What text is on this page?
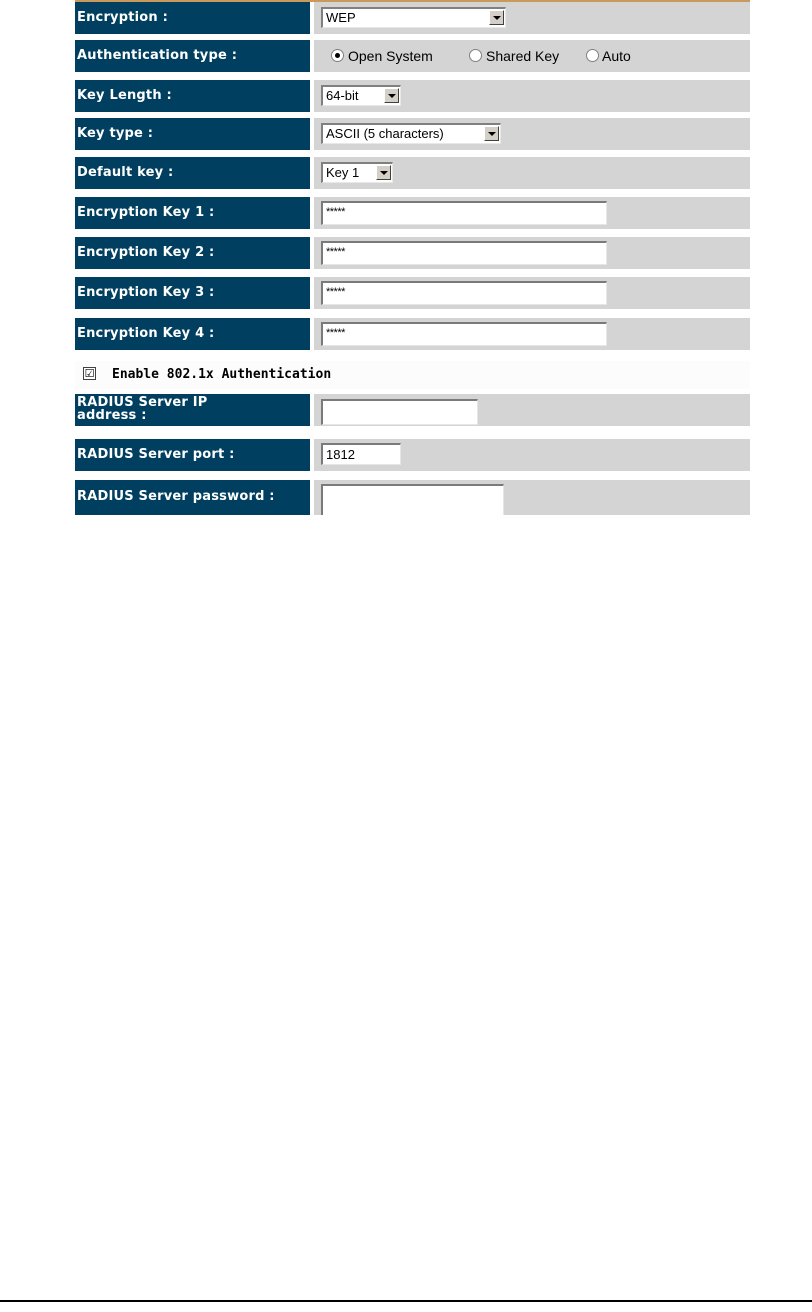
Encryption :	WEP
Authentication type :	Open System	Shared Key	Auto
Key Length :	64-bit
Key type :	ASCII (5 characters)
Default key :	Key 1
Encryption Key 1 :	*****
Encryption Key 2 :	*****
Encryption Key 3 :	*****
Encryption Key 4 :	*****
☑ Enable 802.1x Authentication
RADIUS Server IP
address :
RADIUS Server port :	1812
RADIUS Server password :
